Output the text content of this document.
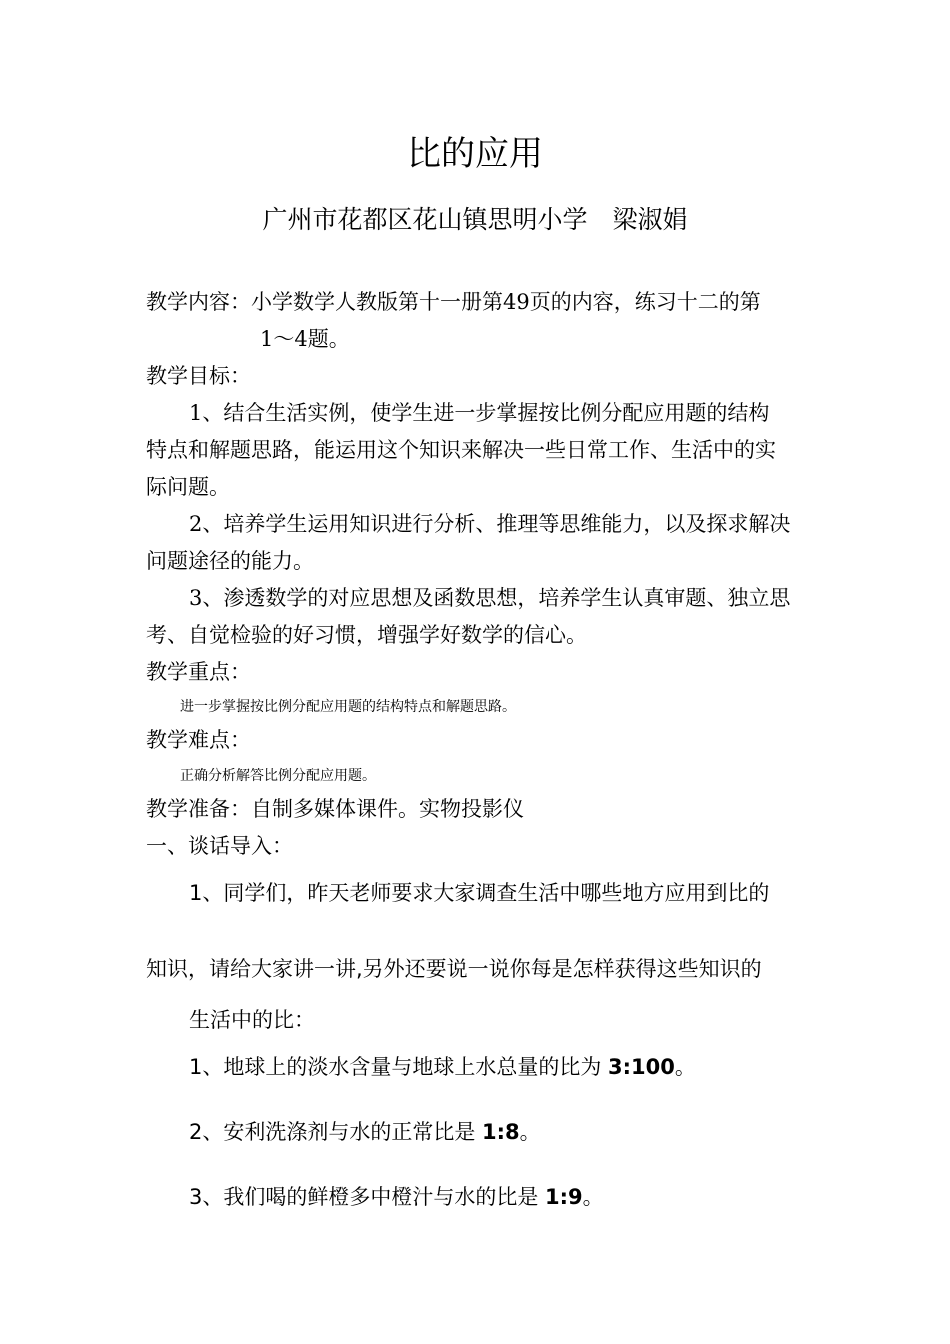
比的应用
广州市花都区花山镇思明小学　梁淑娟
教学内容：小学数学人教版第十一册第49页的内容，练习十二的第
1～4题。
教学目标：
1、结合生活实例，使学生进一步掌握按比例分配应用题的结构
特点和解题思路，能运用这个知识来解决一些日常工作、生活中的实
际问题。
2、培养学生运用知识进行分析、推理等思维能力，以及探求解决
问题途径的能力。
3、渗透数学的对应思想及函数思想，培养学生认真审题、独立思
考、自觉检验的好习惯，增强学好数学的信心。
教学重点：
进一步掌握按比例分配应用题的结构特点和解题思路。
教学难点：
正确分析解答比例分配应用题。
教学准备：自制多媒体课件。实物投影仪
一、谈话导入：
1、同学们，昨天老师要求大家调查生活中哪些地方应用到比的
知识，请给大家讲一讲,另外还要说一说你每是怎样获得这些知识的
生活中的比：
1、地球上的淡水含量与地球上水总量的比为 3:100。
2、安利洗涤剂与水的正常比是 1:8。
3、我们喝的鲜橙多中橙汁与水的比是 1:9。
